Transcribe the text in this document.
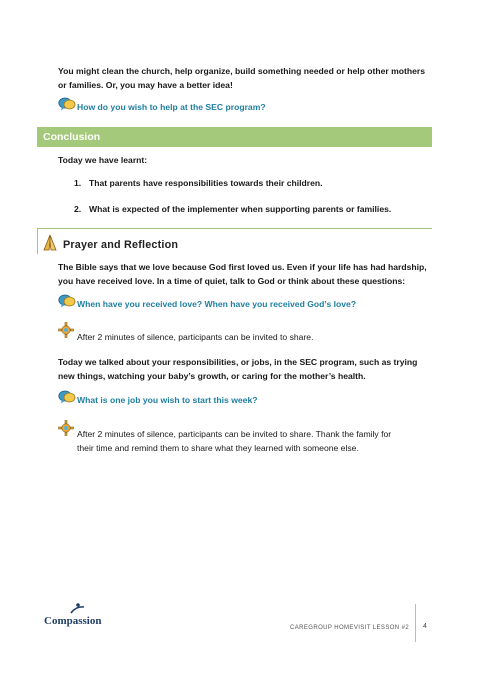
You might clean the church, help organize, build something needed or help other mothers
or families. Or, you may have a better idea!
How do you wish to help at the SEC program?
Conclusion
Today we have learnt:
1. That parents have responsibilities towards their children.
2. What is expected of the implementer when supporting parents or families.
Prayer and Reflection
The Bible says that we love because God first loved us. Even if your life has had hardship,
you have received love. In a time of quiet, talk to God or think about these questions:
When have you received love? When have you received God’s love?
After 2 minutes of silence, participants can be invited to share.
Today we talked about your responsibilities, or jobs, in the SEC program, such as trying
new things, watching your baby’s growth, or caring for the mother’s health.
What is one job you wish to start this week?
After 2 minutes of silence, participants can be invited to share. Thank the family for
their time and remind them to share what they learned with someone else.
Compassion
CAREGROUP HOMEVISIT LESSON #2 4
